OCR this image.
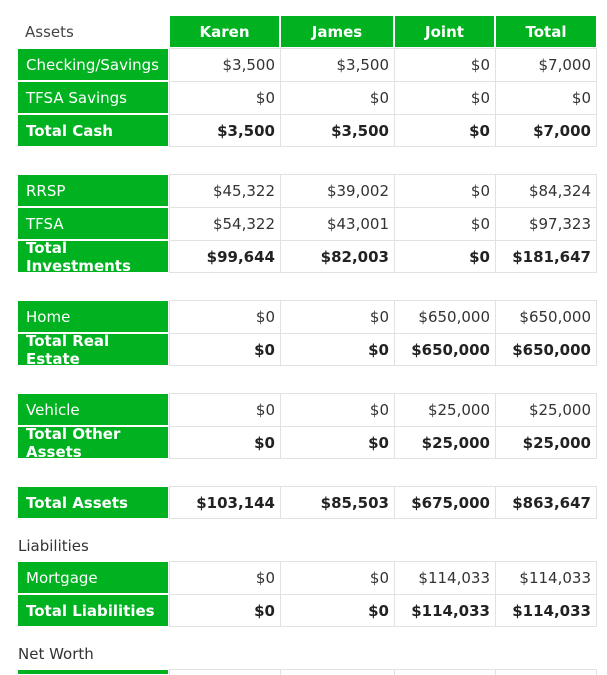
Assets	Karen	James	Joint	Total
Checking/Savings	$3,500	$3,500	$0	$7,000
TFSA Savings	$0	$0	$0	$0
Total Cash	$3,500	$3,500	$0	$7,000
RRSP	$45,322	$39,002	$0	$84,324
TFSA	$54,322	$43,001	$0	$97,323
Total Investments	$99,644	$82,003	$0	$181,647
Home	$0	$0	$650,000	$650,000
Total Real Estate	$0	$0	$650,000	$650,000
Vehicle	$0	$0	$25,000	$25,000
Total Other Assets	$0	$0	$25,000	$25,000
Total Assets	$103,144	$85,503	$675,000	$863,647
Liabilities
Mortgage	$0	$0	$114,033	$114,033
Total Liabilities	$0	$0	$114,033	$114,033
Net Worth
